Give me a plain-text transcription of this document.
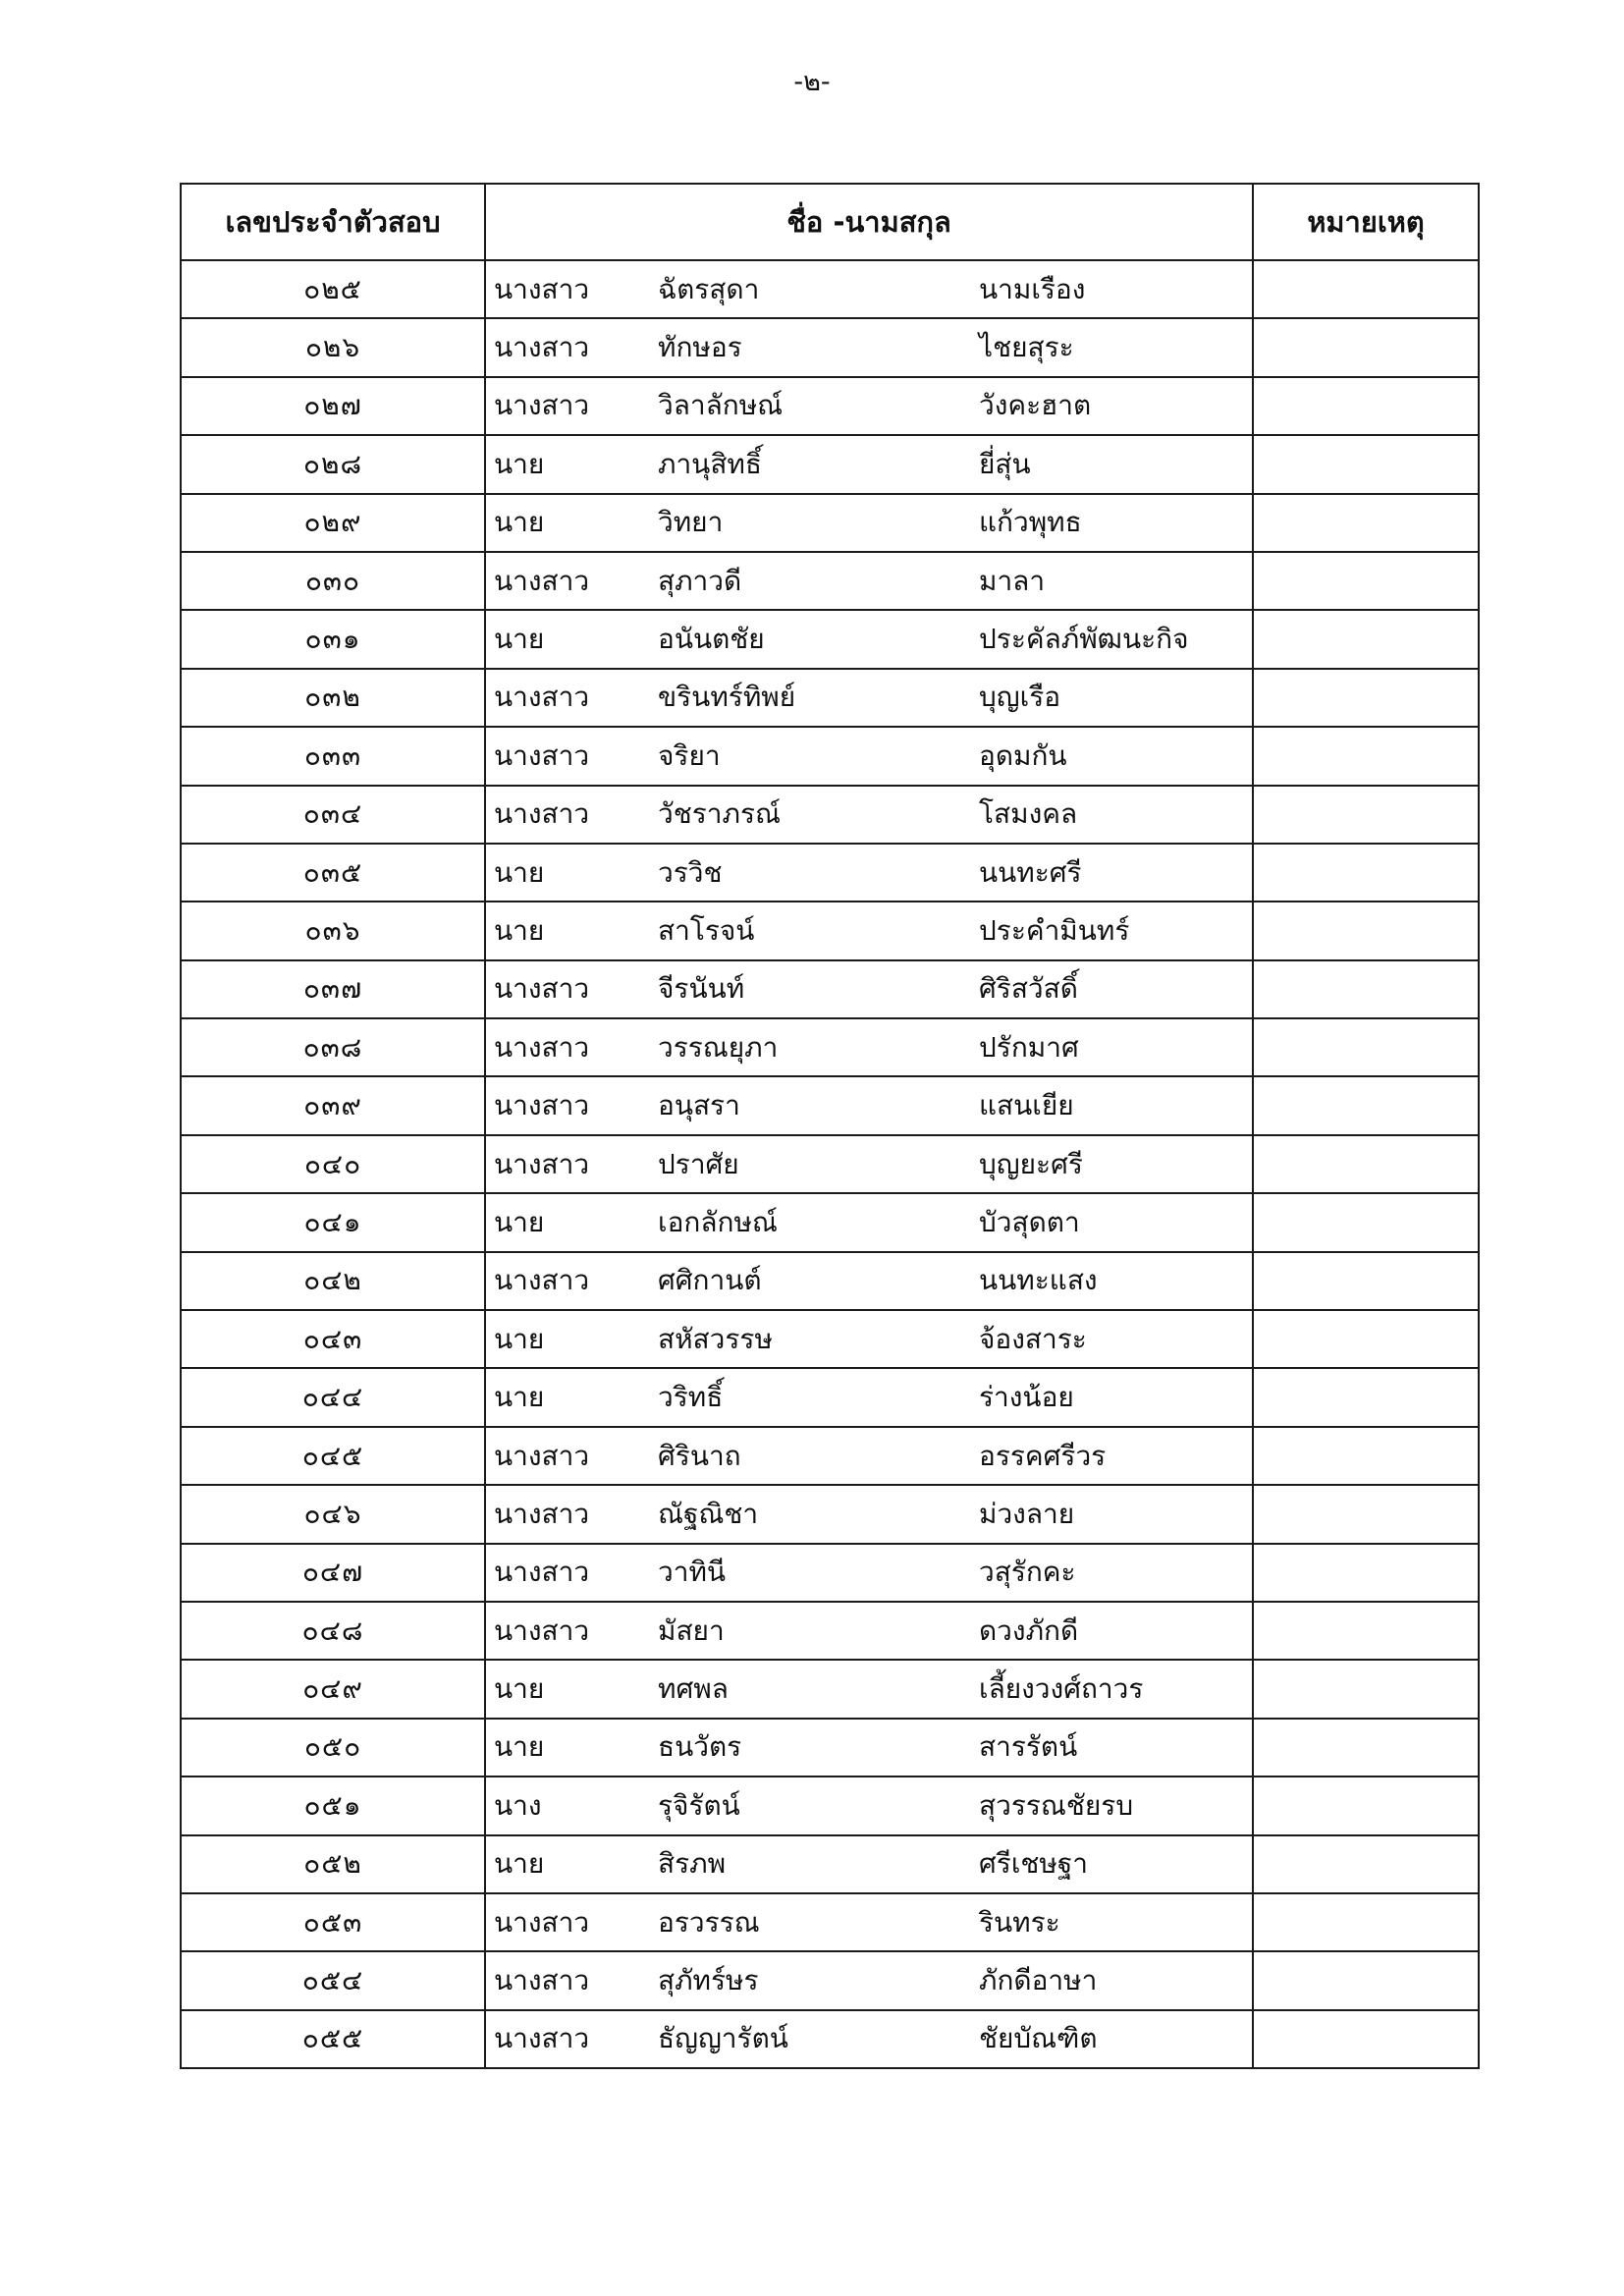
-๒-
เลขประจำตัวสอบ	ชื่อ -นามสกุล	หมายเหตุ
๐๒๕	นางสาว ฉัตรสุดา นามเรือง	

๐๒๖	นางสาว ทักษอร ไชยสุระ	

๐๒๗	นางสาว วิลาลักษณ์ วังคะฮาต	

๐๒๘	นาย ภานุสิทธิ์ ยี่สุ่น	

๐๒๙	นาย วิทยา แก้วพุทธ	

๐๓๐	นางสาว สุภาวดี มาลา	

๐๓๑	นาย อนันตชัย ประคัลภ์พัฒนะกิจ	

๐๓๒	นางสาว ขรินทร์ทิพย์ บุญเรือ	

๐๓๓	นางสาว จริยา อุดมกัน	

๐๓๔	นางสาว วัชราภรณ์ โสมงคล	

๐๓๕	นาย วรวิช นนทะศรี	

๐๓๖	นาย สาโรจน์ ประคำมินทร์	

๐๓๗	นางสาว จีรนันท์ ศิริสวัสดิ์	

๐๓๘	นางสาว วรรณยุภา ปรักมาศ	

๐๓๙	นางสาว อนุสรา แสนเยีย	

๐๔๐	นางสาว ปราศัย บุญยะศรี	

๐๔๑	นาย เอกลักษณ์ บัวสุดตา	

๐๔๒	นางสาว ศศิกานต์ นนทะแสง	

๐๔๓	นาย สหัสวรรษ จ้องสาระ	

๐๔๔	นาย วริทธิ์ ร่างน้อย	

๐๔๕	นางสาว ศิรินาถ อรรคศรีวร	

๐๔๖	นางสาว ณัฐณิชา ม่วงลาย	

๐๔๗	นางสาว วาทินี วสุรักคะ	

๐๔๘	นางสาว มัสยา ดวงภักดี	

๐๔๙	นาย ทศพล เลี้ยงวงศ์ถาวร	

๐๕๐	นาย ธนวัตร สารรัตน์	

๐๕๑	นาง รุจิรัตน์ สุวรรณชัยรบ	

๐๕๒	นาย สิรภพ ศรีเชษฐา	

๐๕๓	นางสาว อรวรรณ รินทระ	

๐๕๔	นางสาว สุภัทร์ษร ภักดีอาษา	

๐๕๕	นางสาว ธัญญารัตน์ ชัยบัณฑิต	
